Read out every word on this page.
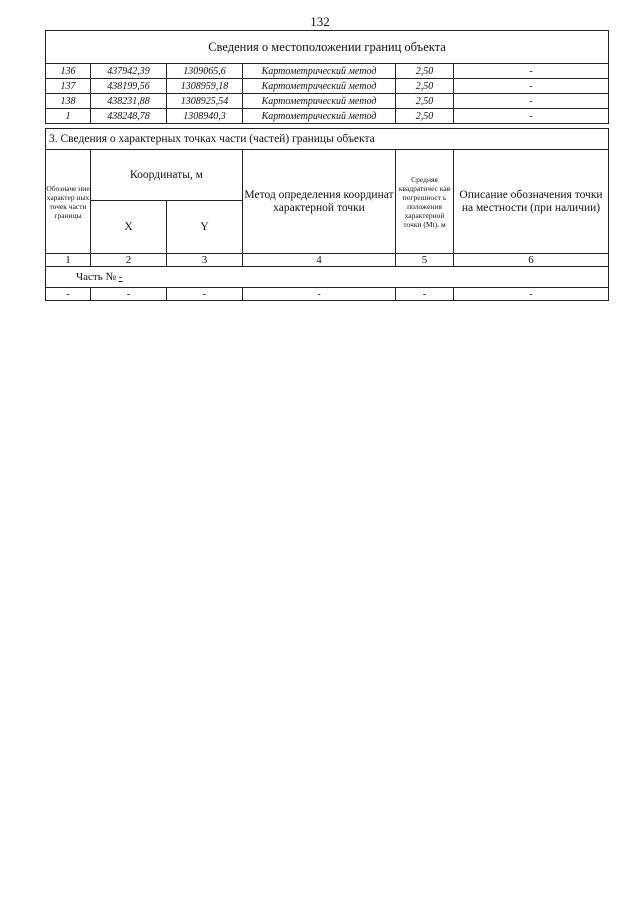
132
Сведения о местоположении границ объекта					
136	437942,39	1309065,6	Картометрический метод	2,50	-
137	438199,56	1308959,18	Картометрический метод	2,50	-
138	438231,88	1308925,54	Картометрический метод	2,50	-
1	438248,78	1308940,3	Картометрический метод	2,50	-
3. Сведения о характерных точках части (частей) границы объекта					
Обозначе ние характер ных точек части границы	Координаты, м		Метод определения координат характерной точки	Средняя квадратичес кая погрешност ь положения характерной точки (Мt), м	Описание обозначения точки на местности (при наличии)
	X	Y			
1	2	3	4	5	6
Часть № -					
-	-	-	-	-	-
